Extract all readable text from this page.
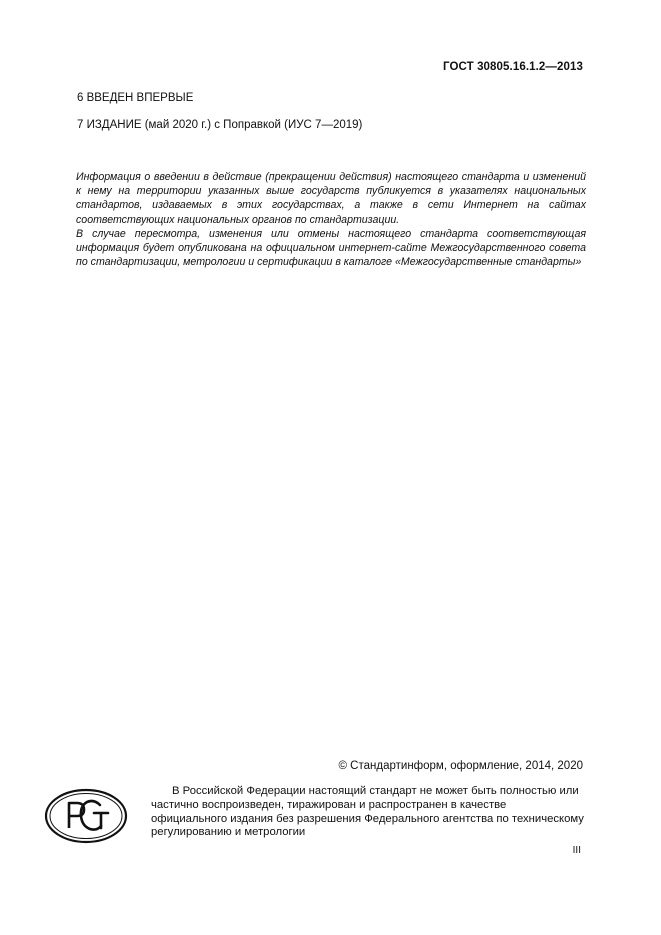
ГОСТ 30805.16.1.2—2013
6 ВВЕДЕН ВПЕРВЫЕ
7 ИЗДАНИЕ (май 2020 г.) с Поправкой (ИУС 7—2019)

Информация о введении в действие (прекращении действия) настоящего стандарта и изменений к нему на территории указанных выше государств публикуется в указателях национальных стандартов, издаваемых в этих государствах, а также в сети Интернет на сайтах соответствующих национальных органов по стандартизации.

В случае пересмотра, изменения или отмены настоящего стандарта соответствующая информация будет опубликована на официальном интернет-сайте Межгосударственного совета по стандартизации, метрологии и сертификации в каталоге «Межгосударственные стандарты»

© Стандартинформ, оформление, 2014, 2020
В Российской Федерации настоящий стандарт не может быть полностью или частично воспроизведен, тиражирован и распространен в качестве официального издания без разрешения Федерального агентства по техническому регулированию и метрологии
III
